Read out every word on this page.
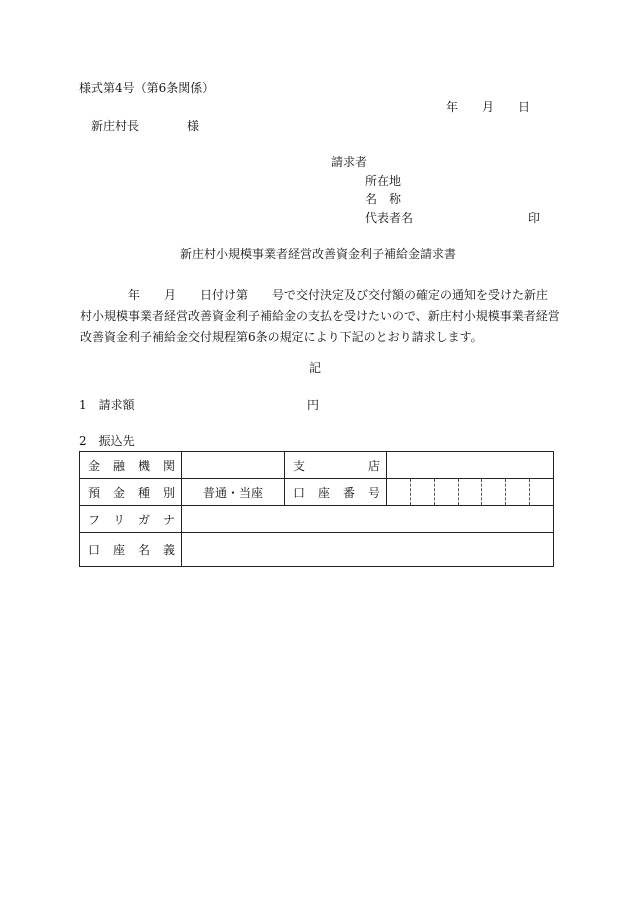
様式第4号（第6条関係）
年　　月　　日
新庄村長　　　　様
請求者
所在地
名　称
代表者名	印
新庄村小規模事業者経営改善資金利子補給金請求書

　　　　年　　月　　日付け第　　号で交付決定及び交付額の確定の通知を受けた新庄

村小規模事業者経営改善資金利子補給金の支払を受けたいので、新庄村小規模事業者経営

改善資金利子補給金交付規程第6条の規定により下記のとおり請求します。

記
1　請求額	円
2　振込先
金 融 機 関		支 店	

預 金 種 別	普通・当座	口 座 番 号	

フ リ ガ ナ			

口 座 名 義			
